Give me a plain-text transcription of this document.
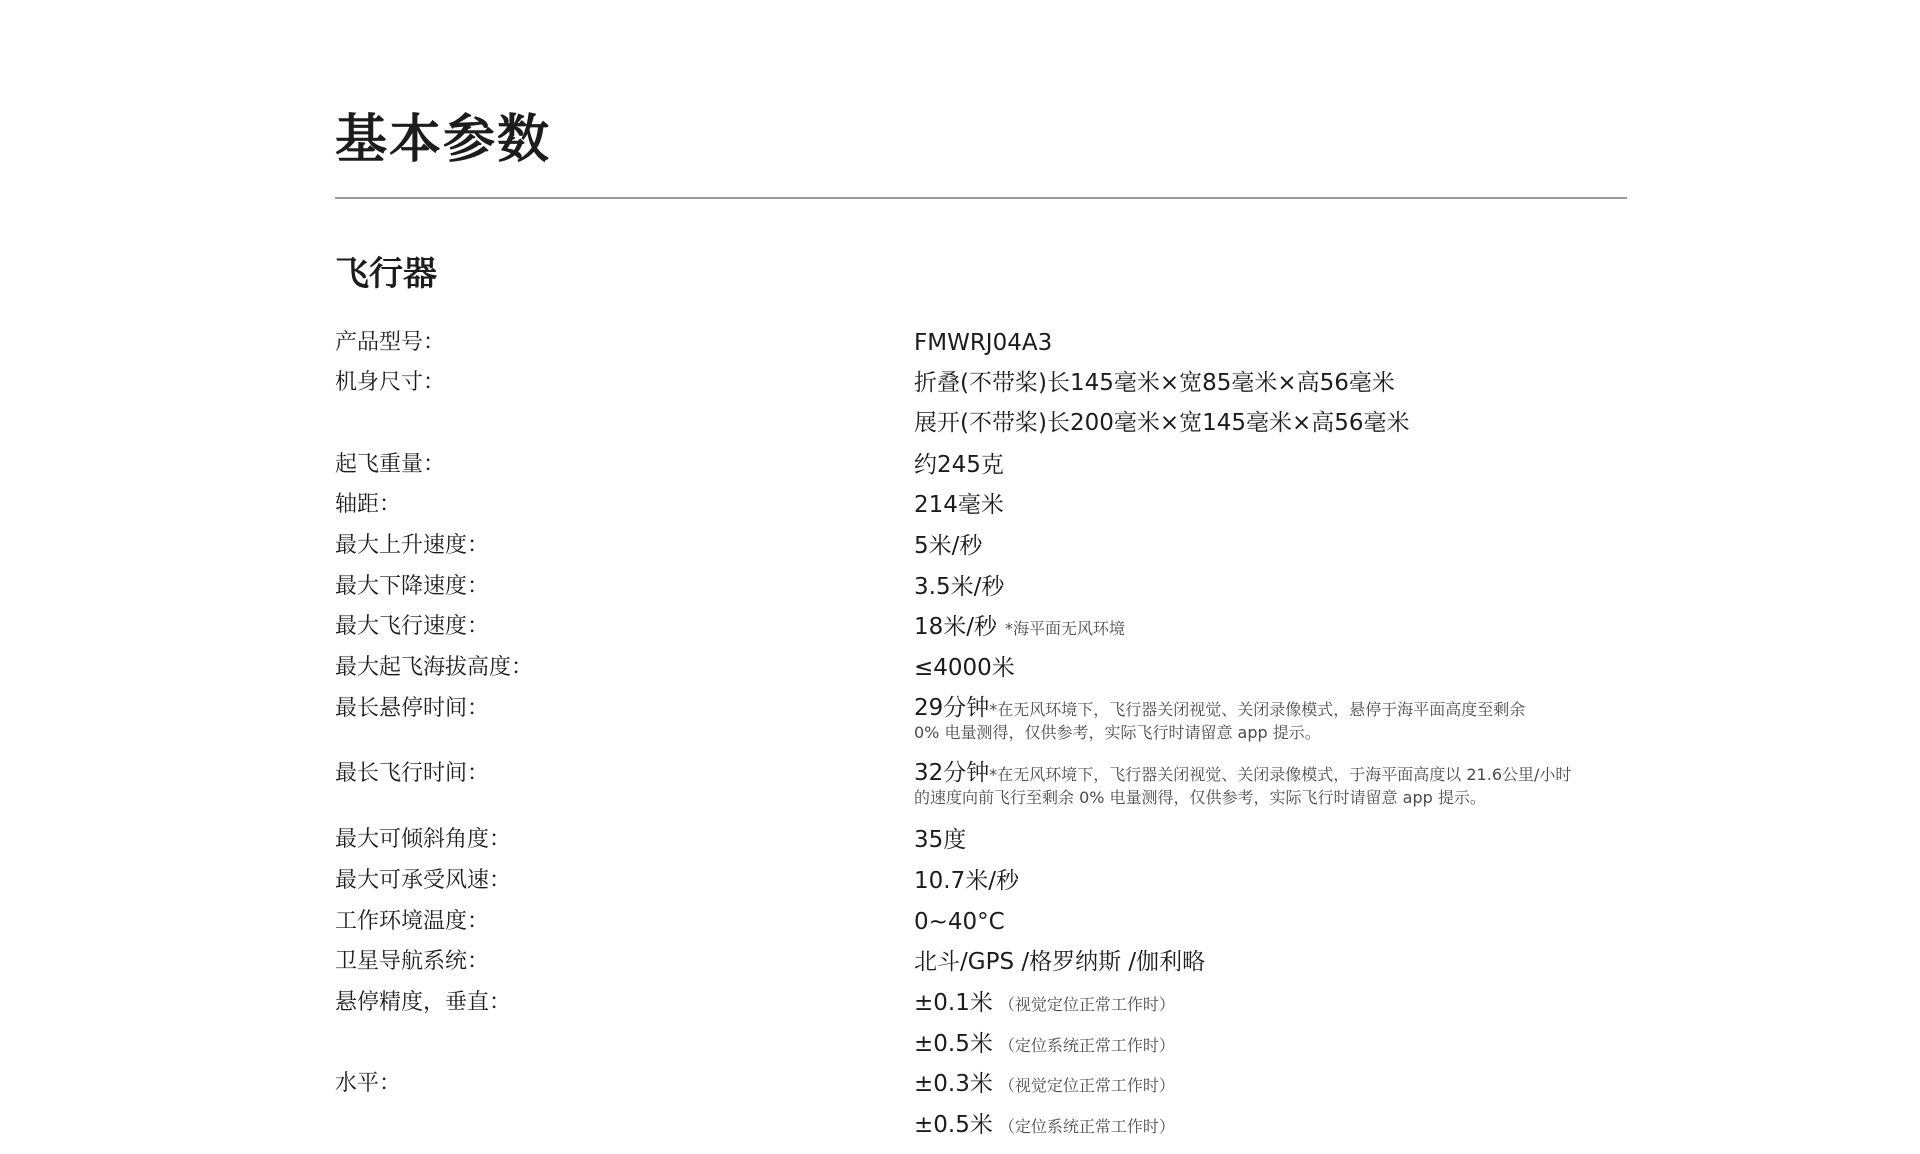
基本参数
飞行器
产品型号：	FMWRJ04A3
机身尺寸：	折叠(不带桨)长145毫米×宽85毫米×高56毫米
展开(不带桨)长200毫米×宽145毫米×高56毫米
起飞重量：	约245克
轴距：	214毫米
最大上升速度：	5米/秒
最大下降速度：	3.5米/秒
最大飞行速度：	18米/秒 *海平面无风环境
最大起飞海拔高度：	≤4000米
最长悬停时间：	29分钟*在无风环境下，飞行器关闭视觉、关闭录像模式，悬停于海平面高度至剩余
0% 电量测得，仅供参考，实际飞行时请留意 app 提示。
最长飞行时间：	32分钟*在无风环境下，飞行器关闭视觉、关闭录像模式，于海平面高度以 21.6公里/小时
的速度向前飞行至剩余 0% 电量测得，仅供参考，实际飞行时请留意 app 提示。
最大可倾斜角度：	35度
最大可承受风速：	10.7米/秒
工作环境温度：	0~40°C
卫星导航系统：	北斗/GPS /格罗纳斯 /伽利略
悬停精度，垂直：	±0.1米 （视觉定位正常工作时）
±0.5米 （定位系统正常工作时）
水平：	±0.3米 （视觉定位正常工作时）
±0.5米 （定位系统正常工作时）
